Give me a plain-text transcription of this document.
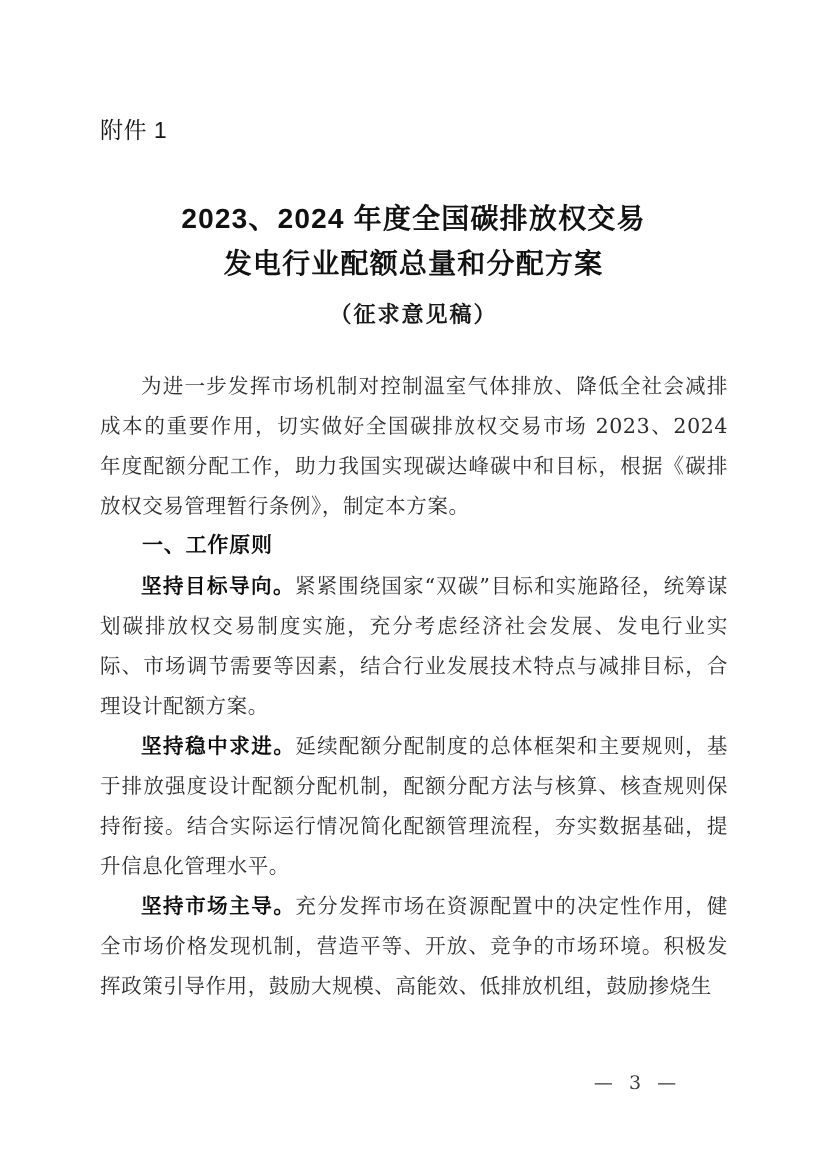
附件 1
2023、2024 年度全国碳排放权交易
发电行业配额总量和分配方案
（征求意见稿）

为进一步发挥市场机制对控制温室气体排放、降低全社会减排成本的重要作用，切实做好全国碳排放权交易市场 2023、2024 年度配额分配工作，助力我国实现碳达峰碳中和目标，根据《碳排放权交易管理暂行条例》，制定本方案。

一、工作原则

坚持目标导向。紧紧围绕国家“双碳”目标和实施路径，统筹谋划碳排放权交易制度实施，充分考虑经济社会发展、发电行业实际、市场调节需要等因素，结合行业发展技术特点与减排目标，合理设计配额方案。

坚持稳中求进。延续配额分配制度的总体框架和主要规则，基于排放强度设计配额分配机制，配额分配方法与核算、核查规则保持衔接。结合实际运行情况简化配额管理流程，夯实数据基础，提升信息化管理水平。

坚持市场主导。充分发挥市场在资源配置中的决定性作用，健全市场价格发现机制，营造平等、开放、竞争的市场环境。积极发挥政策引导作用，鼓励大规模、高能效、低排放机组，鼓励掺烧生

— 3 —
